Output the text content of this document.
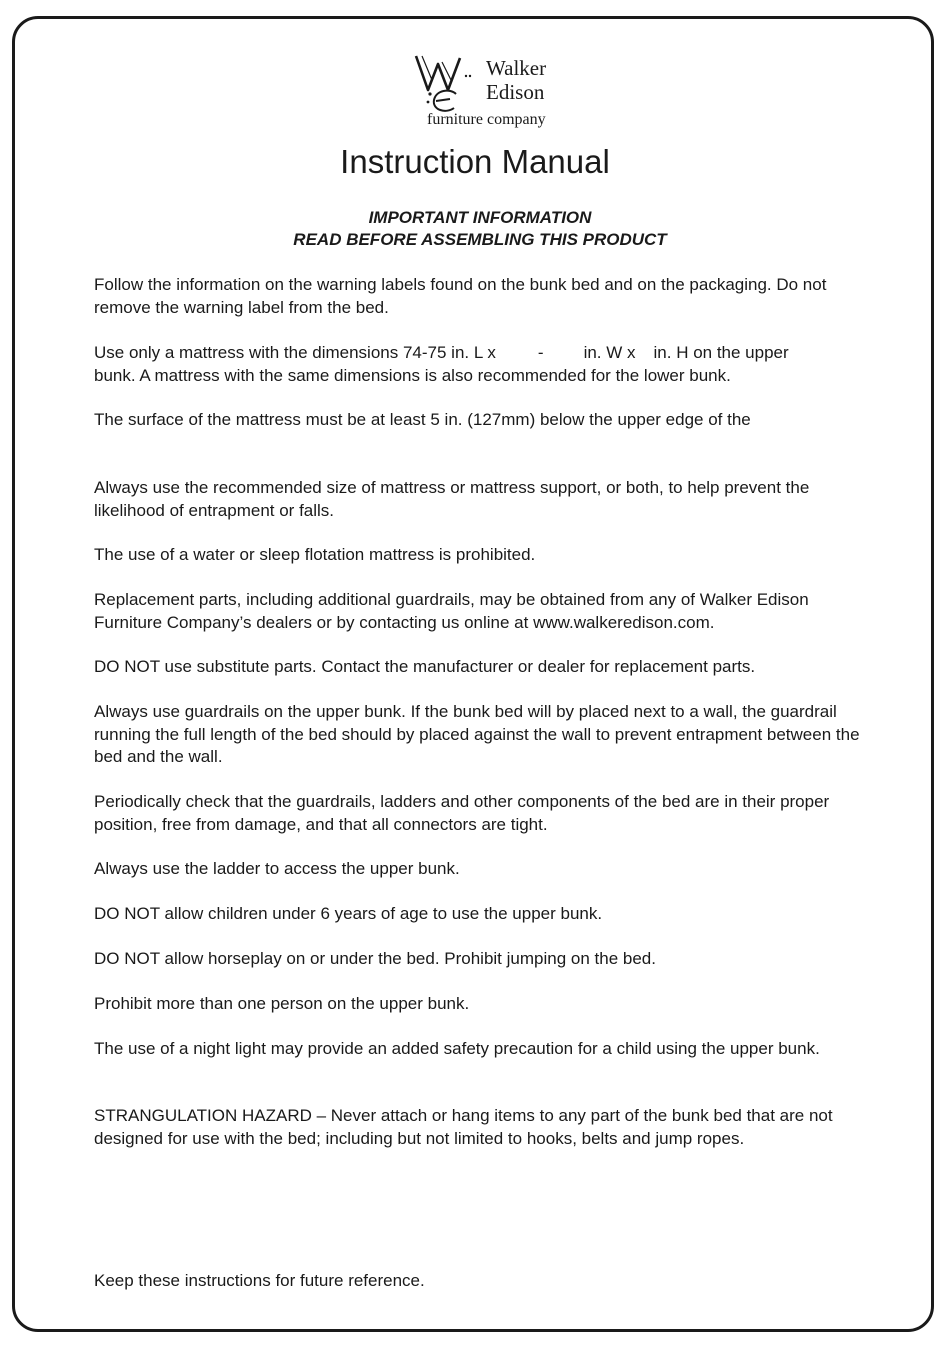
Walker
Edison
furniture company
Instruction Manual
IMPORTANT INFORMATION
READ BEFORE ASSEMBLING THIS PRODUCT

Follow the information on the warning labels found on the bunk bed and on the packaging. Do not remove the warning label from the bed.

Use only a mattress with the dimensions 74-75 in. L x - in. W x in. H on the upper
bunk. A mattress with the same dimensions is also recommended for the lower bunk.

The surface of the mattress must be at least 5 in. (127mm) below the upper edge of the

Always use the recommended size of mattress or mattress support, or both, to help prevent the likelihood of entrapment or falls.

The use of a water or sleep flotation mattress is prohibited.

Replacement parts, including additional guardrails, may be obtained from any of Walker Edison Furniture Company’s dealers or by contacting us online at www.walkeredison.com.

DO NOT use substitute parts. Contact the manufacturer or dealer for replacement parts.

Always use guardrails on the upper bunk. If the bunk bed will by placed next to a wall, the guardrail running the full length of the bed should by placed against the wall to prevent entrapment between the bed and the wall.

Periodically check that the guardrails, ladders and other components of the bed are in their proper position, free from damage, and that all connectors are tight.

Always use the ladder to access the upper bunk.

DO NOT allow children under 6 years of age to use the upper bunk.

DO NOT allow horseplay on or under the bed. Prohibit jumping on the bed.

Prohibit more than one person on the upper bunk.

The use of a night light may provide an added safety precaution for a child using the upper bunk.

STRANGULATION HAZARD – Never attach or hang items to any part of the bunk bed that are not designed for use with the bed; including but not limited to hooks, belts and jump ropes.

Keep these instructions for future reference.
